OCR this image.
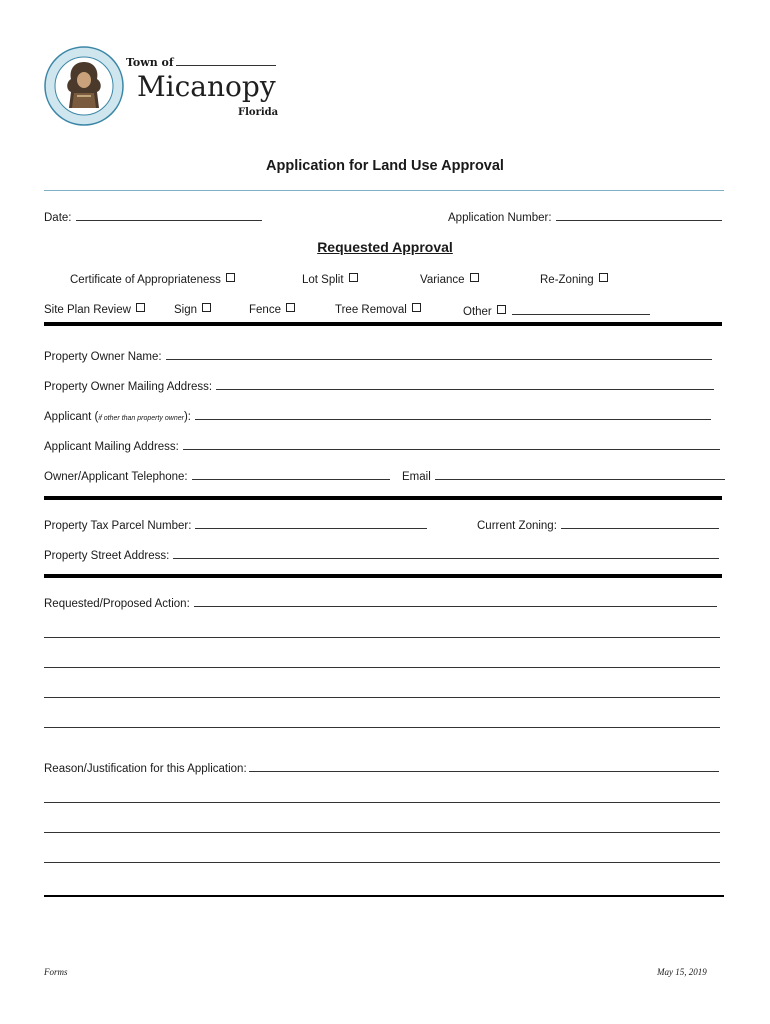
Town of
Micanopy
Florida
Application for Land Use Approval
Date:	Application Number:
Requested Approval
Certificate of Appropriateness	Lot Split	Variance	Re-Zoning
Site Plan Review	Sign	Fence	Tree Removal	Other
Property Owner Name:
Property Owner Mailing Address:
Applicant (if other than property owner):
Applicant Mailing Address:
Owner/Applicant Telephone:	Email
Property Tax Parcel Number:	Current Zoning:
Property Street Address:
Requested/Proposed Action:
Reason/Justification for this Application:
Forms	May 15, 2019
